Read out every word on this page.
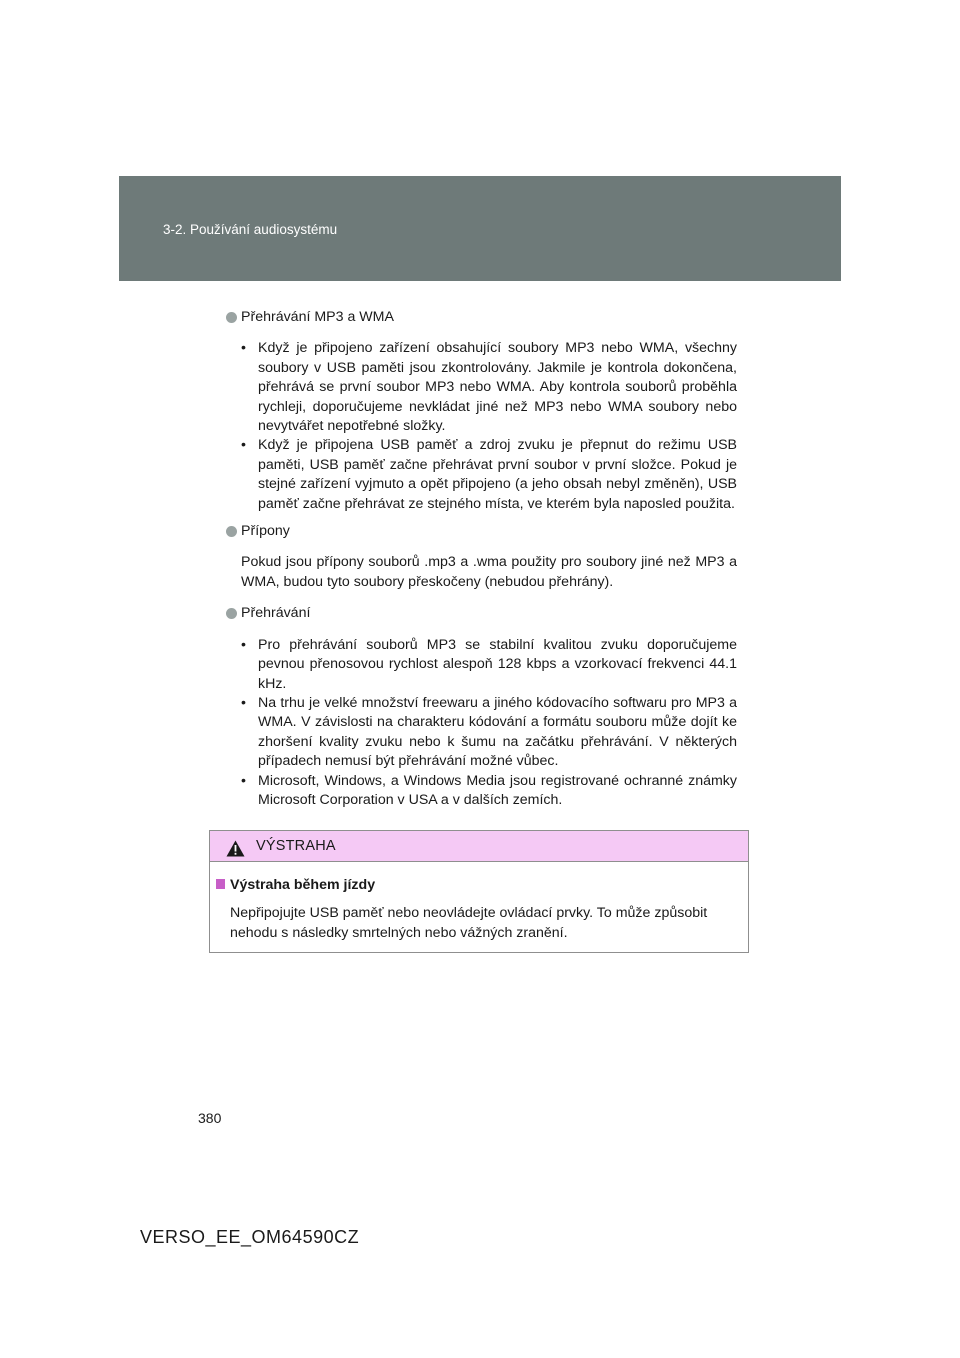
3-2. Používání audiosystému
Přehrávání MP3 a WMA
• Když je připojeno zařízení obsahující soubory MP3 nebo WMA, všechny soubory v USB paměti jsou zkontrolovány. Jakmile je kontrola dokončena, přehrává se první soubor MP3 nebo WMA. Aby kontrola souborů proběhla rychleji, doporučujeme nevkládat jiné než MP3 nebo WMA soubory nebo nevytvářet nepotřebné složky.
• Když je připojena USB paměť a zdroj zvuku je přepnut do režimu USB paměti, USB paměť začne přehrávat první soubor v první složce. Pokud je stejné zařízení vyjmuto a opět připojeno (a jeho obsah nebyl změněn), USB paměť začne přehrávat ze stejného místa, ve kterém byla naposled použita.
Přípony

Pokud jsou přípony souborů .mp3 a .wma použity pro soubory jiné než MP3 a WMA, budou tyto soubory přeskočeny (nebudou přehrány).

Přehrávání
• Pro přehrávání souborů MP3 se stabilní kvalitou zvuku doporučujeme pevnou přenosovou rychlost alespoň 128 kbps a vzorkovací frekvenci 44.1 kHz.
• Na trhu je velké množství freewaru a jiného kódovacího softwaru pro MP3 a WMA. V závislosti na charakteru kódování a formátu souboru může dojít ke zhoršení kvality zvuku nebo k šumu na začátku přehrávání. V některých případech nemusí být přehrávání možné vůbec.
• Microsoft, Windows, a Windows Media jsou registrované ochranné známky Microsoft Corporation v USA a v dalších zemích.
VÝSTRAHA
Výstraha během jízdy
Nepřipojujte USB paměť nebo neovládejte ovládací prvky. To může způsobit nehodu s následky smrtelných nebo vážných zranění.
380
VERSO_EE_OM64590CZ
